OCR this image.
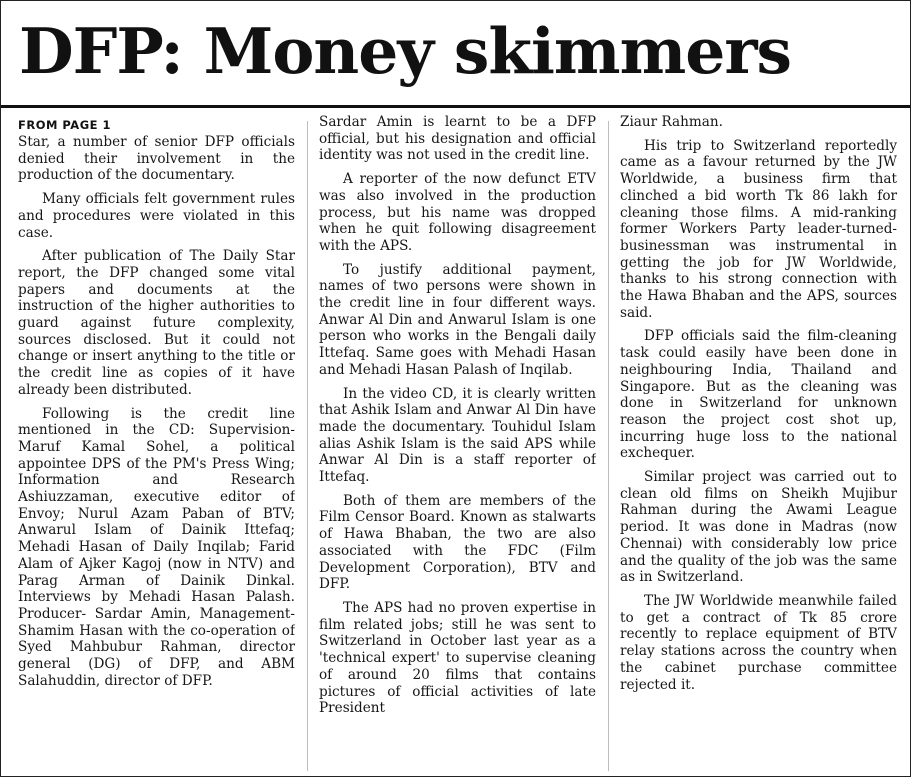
DFP: Money skimmers
FROM PAGE 1

Star, a number of senior DFP officials denied their involvement in the production of the documentary.

Many officials felt government rules and procedures were violated in this case.

After publication of The Daily Star report, the DFP changed some vital papers and documents at the instruction of the higher authorities to guard against future complexity, sources disclosed. But it could not change or insert anything to the title or the credit line as copies of it have already been distributed.

Following is the credit line mentioned in the CD: Supervision-Maruf Kamal Sohel, a political appointee DPS of the PM's Press Wing; Information and Research Ashiuzzaman, executive editor of Envoy; Nurul Azam Paban of BTV; Anwarul Islam of Dainik Ittefaq; Mehadi Hasan of Daily Inqilab; Farid Alam of Ajker Kagoj (now in NTV) and Parag Arman of Dainik Dinkal. Interviews by Mehadi Hasan Palash. Producer- Sardar Amin, Management- Shamim Hasan with the co-operation of Syed Mahbubur Rahman, director general (DG) of DFP, and ABM Salahuddin, director of DFP.

Sardar Amin is learnt to be a DFP official, but his designation and official identity was not used in the credit line.

A reporter of the now defunct ETV was also involved in the production process, but his name was dropped when he quit following disagreement with the APS.

To justify additional payment, names of two persons were shown in the credit line in four different ways. Anwar Al Din and Anwarul Islam is one person who works in the Bengali daily Ittefaq. Same goes with Mehadi Hasan and Mehadi Hasan Palash of Inqilab.

In the video CD, it is clearly written that Ashik Islam and Anwar Al Din have made the documentary. Touhidul Islam alias Ashik Islam is the said APS while Anwar Al Din is a staff reporter of Ittefaq.

Both of them are members of the Film Censor Board. Known as stalwarts of Hawa Bhaban, the two are also associated with the FDC (Film Development Corporation), BTV and DFP.

The APS had no proven expertise in film related jobs; still he was sent to Switzerland in October last year as a 'technical expert' to supervise cleaning of around 20 films that contains pictures of official activities of late President

Ziaur Rahman.

His trip to Switzerland reportedly came as a favour returned by the JW Worldwide, a business firm that clinched a bid worth Tk 86 lakh for cleaning those films. A mid-ranking former Workers Party leader-turned-businessman was instrumental in getting the job for JW Worldwide, thanks to his strong connection with the Hawa Bhaban and the APS, sources said.

DFP officials said the film-cleaning task could easily have been done in neighbouring India, Thailand and Singapore. But as the cleaning was done in Switzerland for unknown reason the project cost shot up, incurring huge loss to the national exchequer.

Similar project was carried out to clean old films on Sheikh Mujibur Rahman during the Awami League period. It was done in Madras (now Chennai) with considerably low price and the quality of the job was the same as in Switzerland.

The JW Worldwide meanwhile failed to get a contract of Tk 85 crore recently to replace equipment of BTV relay stations across the country when the cabinet purchase committee rejected it.
